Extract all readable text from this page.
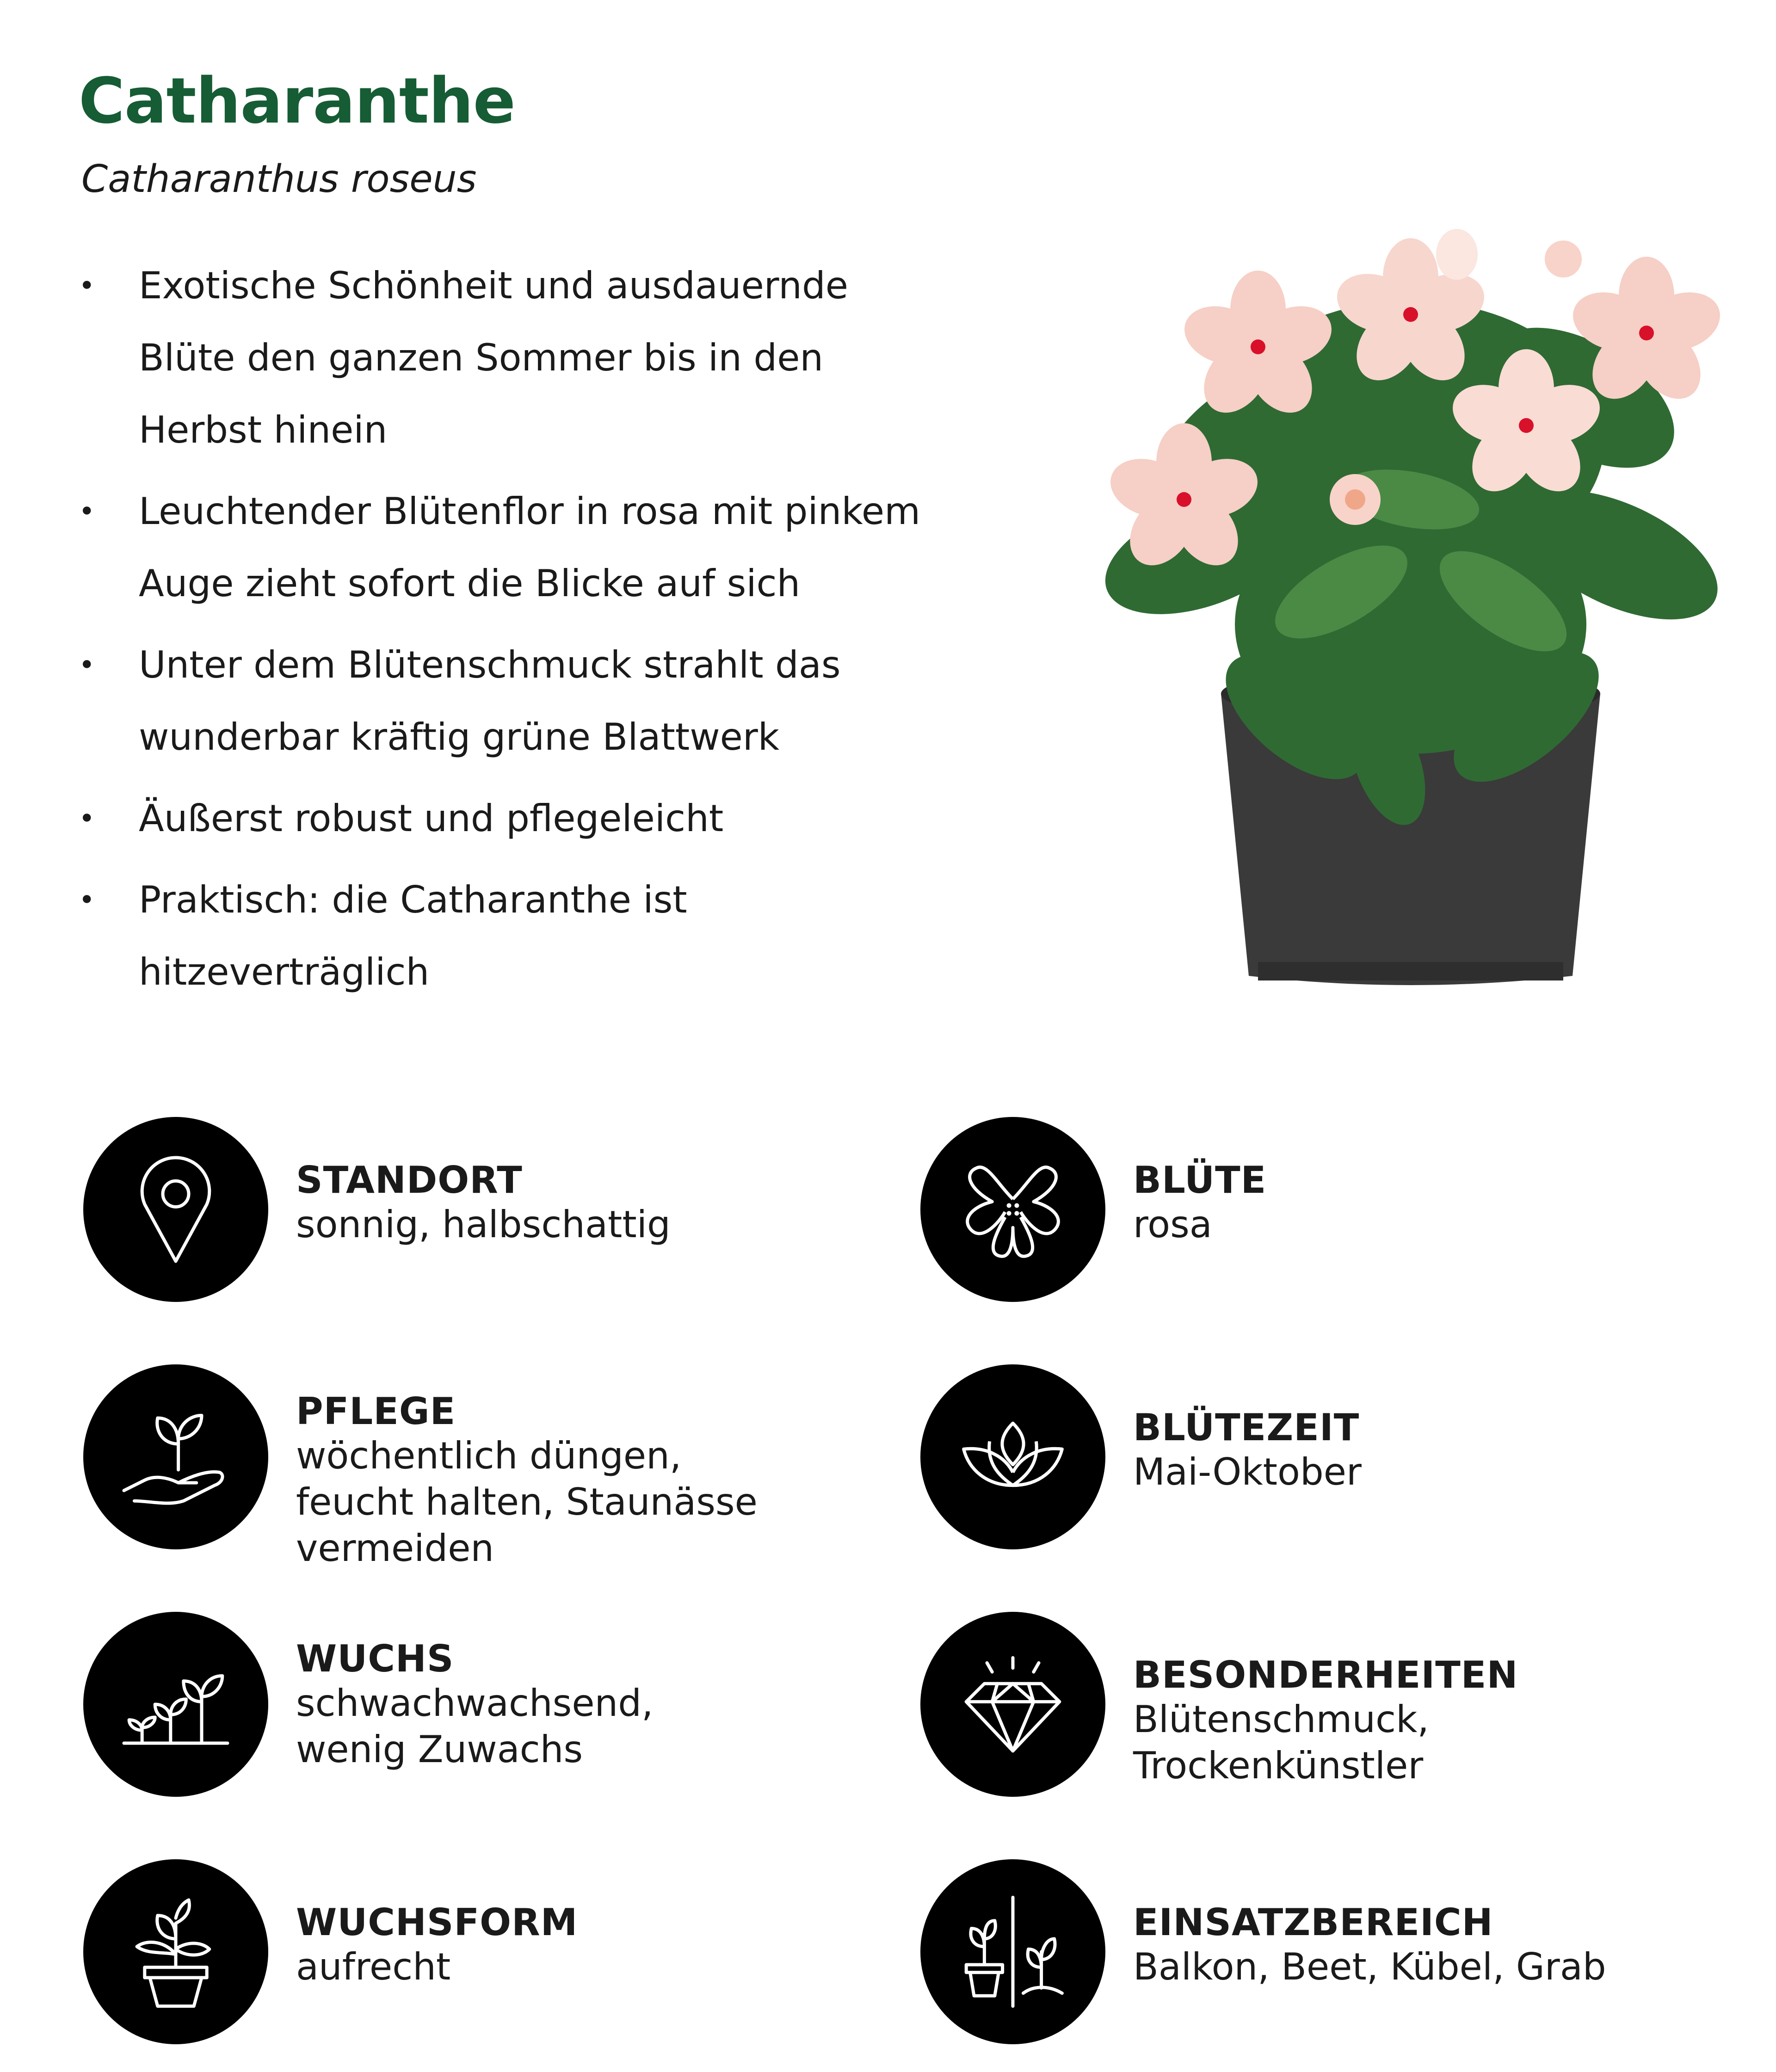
Catharanthe

Catharanthus roseus

• Exotische Schönheit und ausdauernde Blüte den ganzen Sommer bis in den Herbst hinein
• Leuchtender Blütenflor in rosa mit pinkem Auge zieht sofort die Blicke auf sich
• Unter dem Blütenschmuck strahlt das wunderbar kräftig grüne Blattwerk
• Äußerst robust und pflegeleicht
• Praktisch: die Catharanthe ist hitzeverträglich
STANDORT
sonnig, halbschattig
BLÜTE
rosa
PFLEGE
wöchentlich düngen, feucht halten, Staunässe vermeiden
BLÜTEZEIT
Mai-Oktober
WUCHS
schwachwachsend, wenig Zuwachs
BESONDERHEITEN
Blütenschmuck, Trockenkünstler
WUCHSFORM
aufrecht
EINSATZBEREICH
Balkon, Beet, Kübel, Grab
